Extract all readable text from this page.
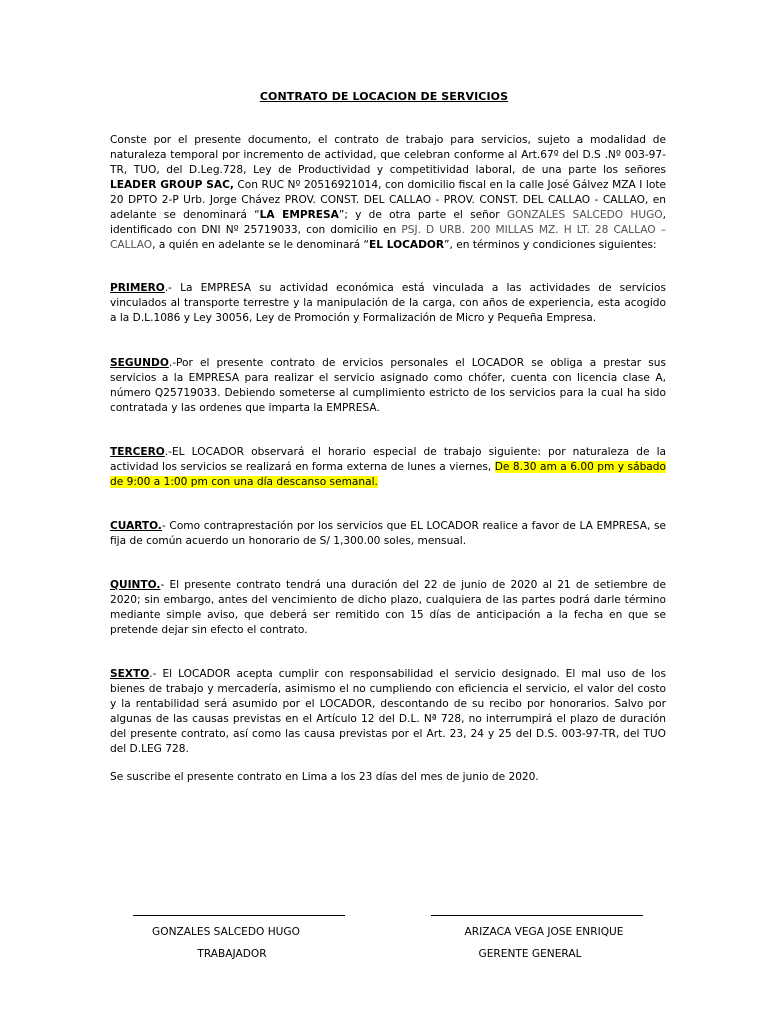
CONTRATO DE LOCACION DE SERVICIOS
Conste por el presente documento, el contrato de trabajo para servicios, sujeto a modalidad de naturaleza temporal por incremento de actividad, que celebran conforme al Art.67º del D.S .Nº 003-97-TR, TUO, del D.Leg.728, Ley de Productividad y competitividad laboral, de una parte los señores LEADER GROUP SAC, Con RUC Nº 20516921014, con domicilio fiscal en la calle José Gálvez MZA I lote 20 DPTO 2-P Urb. Jorge Chávez PROV. CONST. DEL CALLAO - PROV. CONST. DEL CALLAO - CALLAO, en adelante se denominará “LA EMPRESA”; y de otra parte el señor GONZALES SALCEDO HUGO, identificado con DNI Nº 25719033, con domicilio en PSJ. D URB. 200 MILLAS MZ. H LT. 28 CALLAO – CALLAO, a quién en adelante se le denominará “EL LOCADOR”, en términos y condiciones siguientes:
PRIMERO.- La EMPRESA su actividad económica está vinculada a las actividades de servicios vinculados al transporte terrestre y la manipulación de la carga, con años de experiencia, esta acogido a la D.L.1086 y Ley 30056, Ley de Promoción y Formalización de Micro y Pequeña Empresa.
SEGUNDO.-Por el presente contrato de ervicios personales el LOCADOR se obliga a prestar sus servicios a la EMPRESA para realizar el servicio asignado como chófer, cuenta con licencia clase A, número Q25719033. Debiendo someterse al cumplimiento estricto de los servicios para la cual ha sido contratada y las ordenes que imparta la EMPRESA.
TERCERO.-EL LOCADOR observará el horario especial de trabajo siguiente: por naturaleza de la actividad los servicios se realizará en forma externa de lunes a viernes, De 8.30 am a 6.00 pm y sábado de 9:00 a 1:00 pm con una día descanso semanal.
CUARTO.- Como contraprestación por los servicios que EL LOCADOR realice a favor de LA EMPRESA, se fija de común acuerdo un honorario de S/ 1,300.00 soles, mensual.
QUINTO.- El presente contrato tendrá una duración del 22 de junio de 2020 al 21 de setiembre de 2020; sin embargo, antes del vencimiento de dicho plazo, cualquiera de las partes podrá darle término mediante simple aviso, que deberá ser remitido con 15 días de anticipación a la fecha en que se pretende dejar sin efecto el contrato.
SEXTO.- El LOCADOR acepta cumplir con responsabilidad el servicio designado. El mal uso de los bienes de trabajo y mercadería, asimismo el no cumpliendo con eficiencia el servicio, el valor del costo y la rentabilidad será asumido por el LOCADOR, descontando de su recibo por honorarios. Salvo por algunas de las causas previstas en el Artículo 12 del D.L. Nª 728, no interrumpirá el plazo de duración del presente contrato, así como las causa previstas por el Art. 23, 24 y 25 del D.S. 003-97-TR, del TUO del D.LEG 728.
Se suscribe el presente contrato en Lima a los 23 días del mes de junio de 2020.
GONZALES SALCEDO HUGO
TRABAJADOR
ARIZACA VEGA JOSE ENRIQUE
GERENTE GENERAL
